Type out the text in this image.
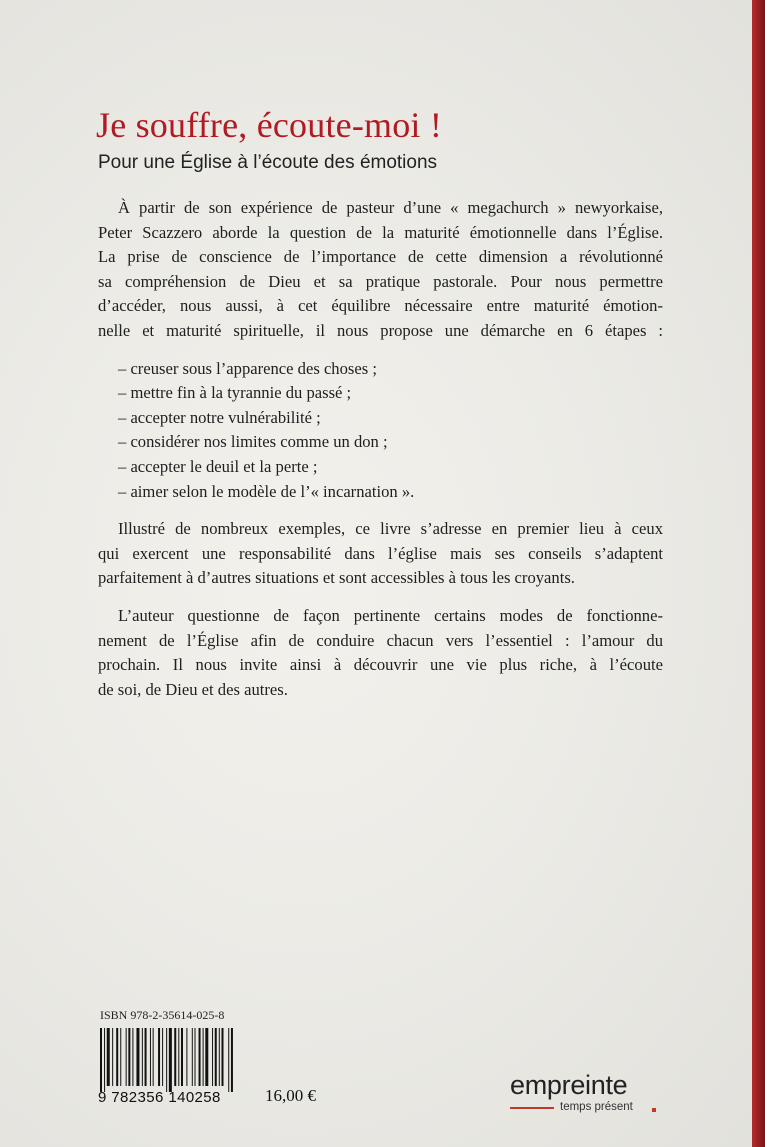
Je souffre, écoute-moi !
Pour une Église à l’écoute des émotions

À partir de son expérience de pasteur d’une « megachurch » newyorkaise,
Peter Scazzero aborde la question de la maturité émotionnelle dans l’Église.
La prise de conscience de l’importance de cette dimension a révolutionné
sa compréhension de Dieu et sa pratique pastorale. Pour nous permettre
d’accéder, nous aussi, à cet équilibre nécessaire entre maturité émotion-
nelle et maturité spirituelle, il nous propose une démarche en 6 étapes :

– creuser sous l’apparence des choses ;
– mettre fin à la tyrannie du passé ;
– accepter notre vulnérabilité ;
– considérer nos limites comme un don ;
– accepter le deuil et la perte ;
– aimer selon le modèle de l’« incarnation ».

Illustré de nombreux exemples, ce livre s’adresse en premier lieu à ceux
qui exercent une responsabilité dans l’église mais ses conseils s’adaptent
parfaitement à d’autres situations et sont accessibles à tous les croyants.

L’auteur questionne de façon pertinente certains modes de fonctionne-
nement de l’Église afin de conduire chacun vers l’essentiel : l’amour du
prochain. Il nous invite ainsi à découvrir une vie plus riche, à l’écoute
de soi, de Dieu et des autres.

ISBN 978-2-35614-025-8
9 782356 140258	16,00 €	empreinte
temps présent
